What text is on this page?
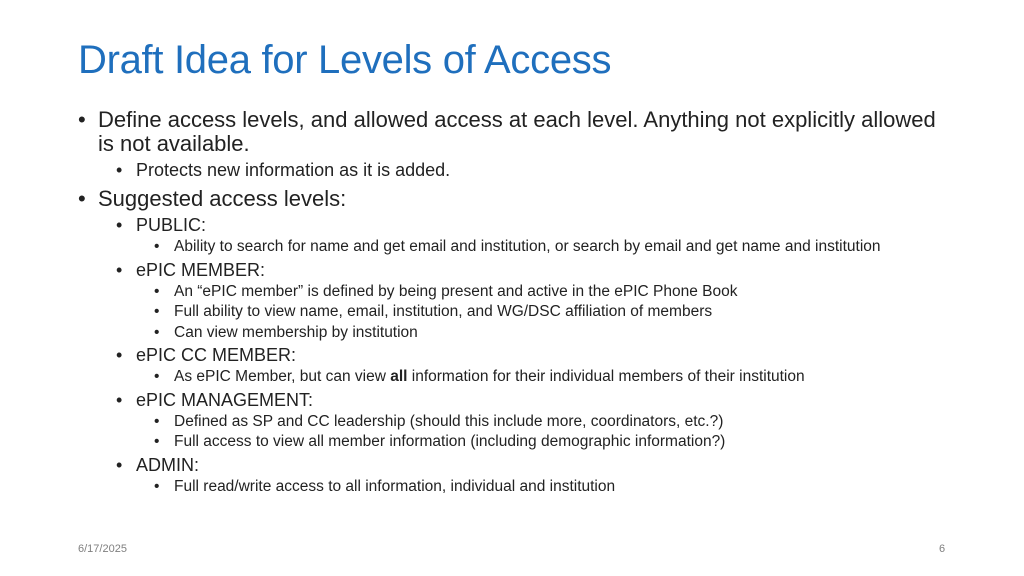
Draft Idea for Levels of Access
• Define access levels, and allowed access at each level. Anything not explicitly allowed is not available.
• Protects new information as it is added.
• Suggested access levels:
• PUBLIC:
• Ability to search for name and get email and institution, or search by email and get name and institution
• ePIC MEMBER:
• An “ePIC member” is defined by being present and active in the ePIC Phone Book
• Full ability to view name, email, institution, and WG/DSC affiliation of members
• Can view membership by institution
• ePIC CC MEMBER:
• As ePIC Member, but can view all information for their individual members of their institution
• ePIC MANAGEMENT:
• Defined as SP and CC leadership (should this include more, coordinators, etc.?)
• Full access to view all member information (including demographic information?)
• ADMIN:
• Full read/write access to all information, individual and institution
6/17/2025	6
